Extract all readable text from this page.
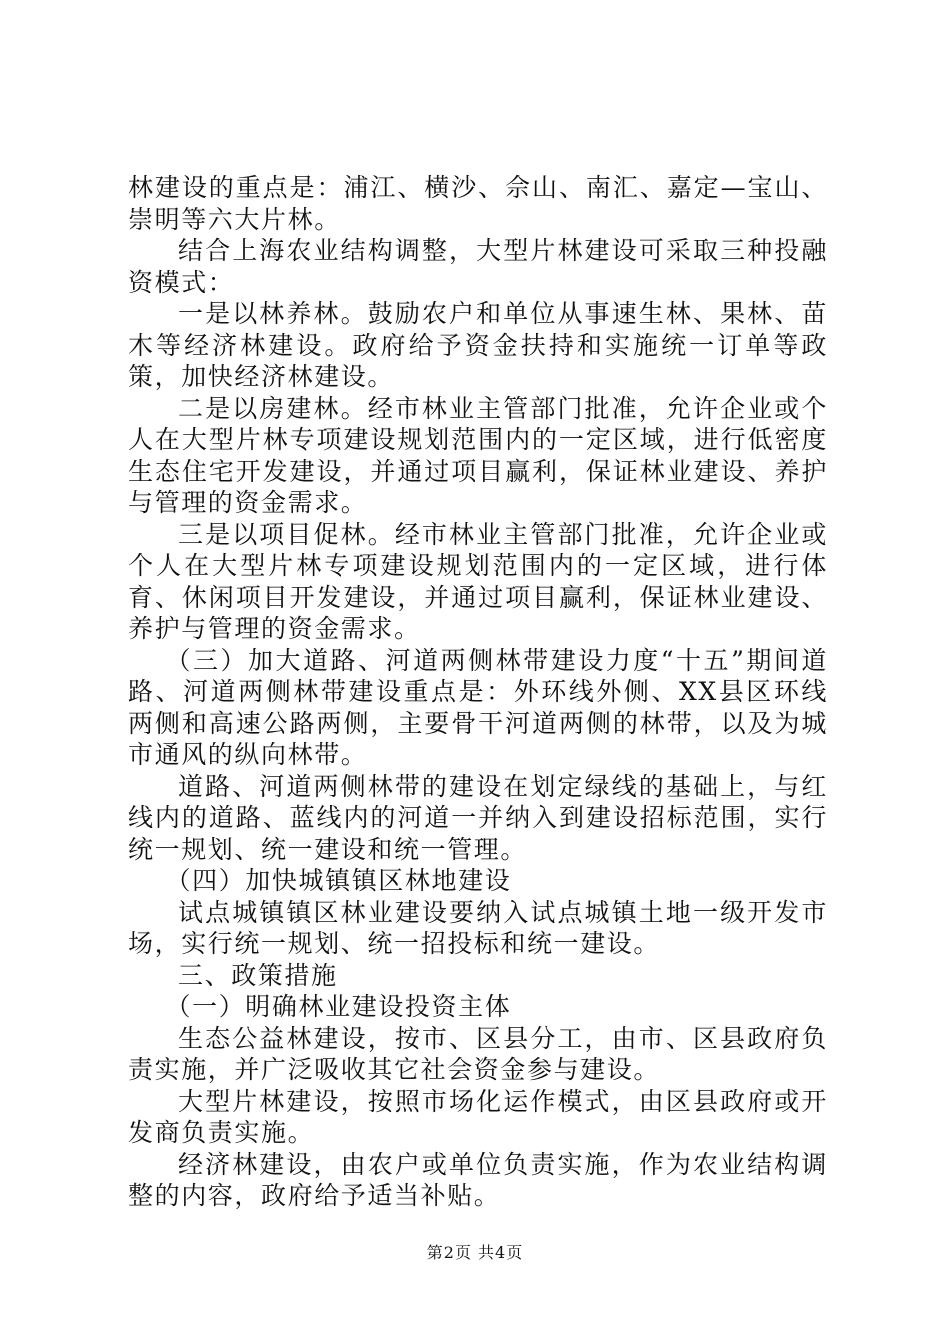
林建设的重点是：浦江、横沙、佘山、南汇、嘉定—宝山、崇明等六大片林。

结合上海农业结构调整，大型片林建设可采取三种投融资模式：

一是以林养林。鼓励农户和单位从事速生林、果林、苗木等经济林建设。政府给予资金扶持和实施统一订单等政策，加快经济林建设。

二是以房建林。经市林业主管部门批准，允许企业或个人在大型片林专项建设规划范围内的一定区域，进行低密度生态住宅开发建设，并通过项目赢利，保证林业建设、养护与管理的资金需求。

三是以项目促林。经市林业主管部门批准，允许企业或个人在大型片林专项建设规划范围内的一定区域，进行体育、休闲项目开发建设，并通过项目赢利，保证林业建设、养护与管理的资金需求。

（三）加大道路、河道两侧林带建设力度“十五”期间道路、河道两侧林带建设重点是：外环线外侧、XX县区环线两侧和高速公路两侧，主要骨干河道两侧的林带，以及为城市通风的纵向林带。

道路、河道两侧林带的建设在划定绿线的基础上，与红线内的道路、蓝线内的河道一并纳入到建设招标范围，实行统一规划、统一建设和统一管理。

（四）加快城镇镇区林地建设

试点城镇镇区林业建设要纳入试点城镇土地一级开发市场，实行统一规划、统一招投标和统一建设。

三、政策措施

（一）明确林业建设投资主体

生态公益林建设，按市、区县分工，由市、区县政府负责实施，并广泛吸收其它社会资金参与建设。

大型片林建设，按照市场化运作模式，由区县政府或开发商负责实施。

经济林建设，由农户或单位负责实施，作为农业结构调整的内容，政府给予适当补贴。

第2页 共4页
